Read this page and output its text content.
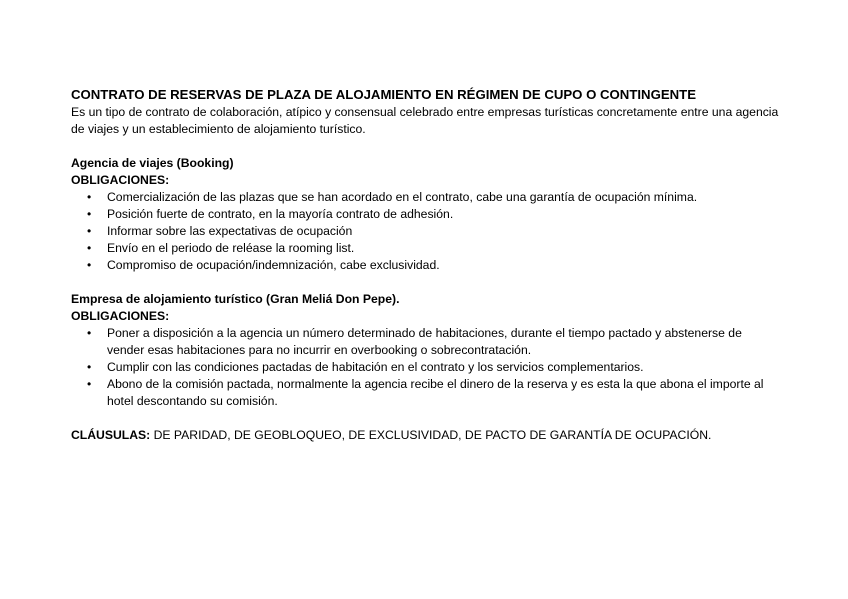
CONTRATO DE RESERVAS DE PLAZA DE ALOJAMIENTO EN RÉGIMEN DE CUPO O CONTINGENTE

Es un tipo de contrato de colaboración, atípico y consensual celebrado entre empresas turísticas concretamente entre una agencia de viajes y un establecimiento de alojamiento turístico.

Agencia de viajes (Booking)

OBLIGACIONES:

• Comercialización de las plazas que se han acordado en el contrato, cabe una garantía de ocupación mínima.
• Posición fuerte de contrato, en la mayoría contrato de adhesión.
• Informar sobre las expectativas de ocupación
• Envío en el periodo de reléase la rooming list.
• Compromiso de ocupación/indemnización, cabe exclusividad.

Empresa de alojamiento turístico (Gran Meliá Don Pepe).

OBLIGACIONES:

• Poner a disposición a la agencia un número determinado de habitaciones, durante el tiempo pactado y abstenerse de vender esas habitaciones para no incurrir en overbooking o sobrecontratación.
• Cumplir con las condiciones pactadas de habitación en el contrato y los servicios complementarios.
• Abono de la comisión pactada, normalmente la agencia recibe el dinero de la reserva y es esta la que abona el importe al hotel descontando su comisión.

CLÁUSULAS: DE PARIDAD, DE GEOBLOQUEO, DE EXCLUSIVIDAD, DE PACTO DE GARANTÍA DE OCUPACIÓN.
